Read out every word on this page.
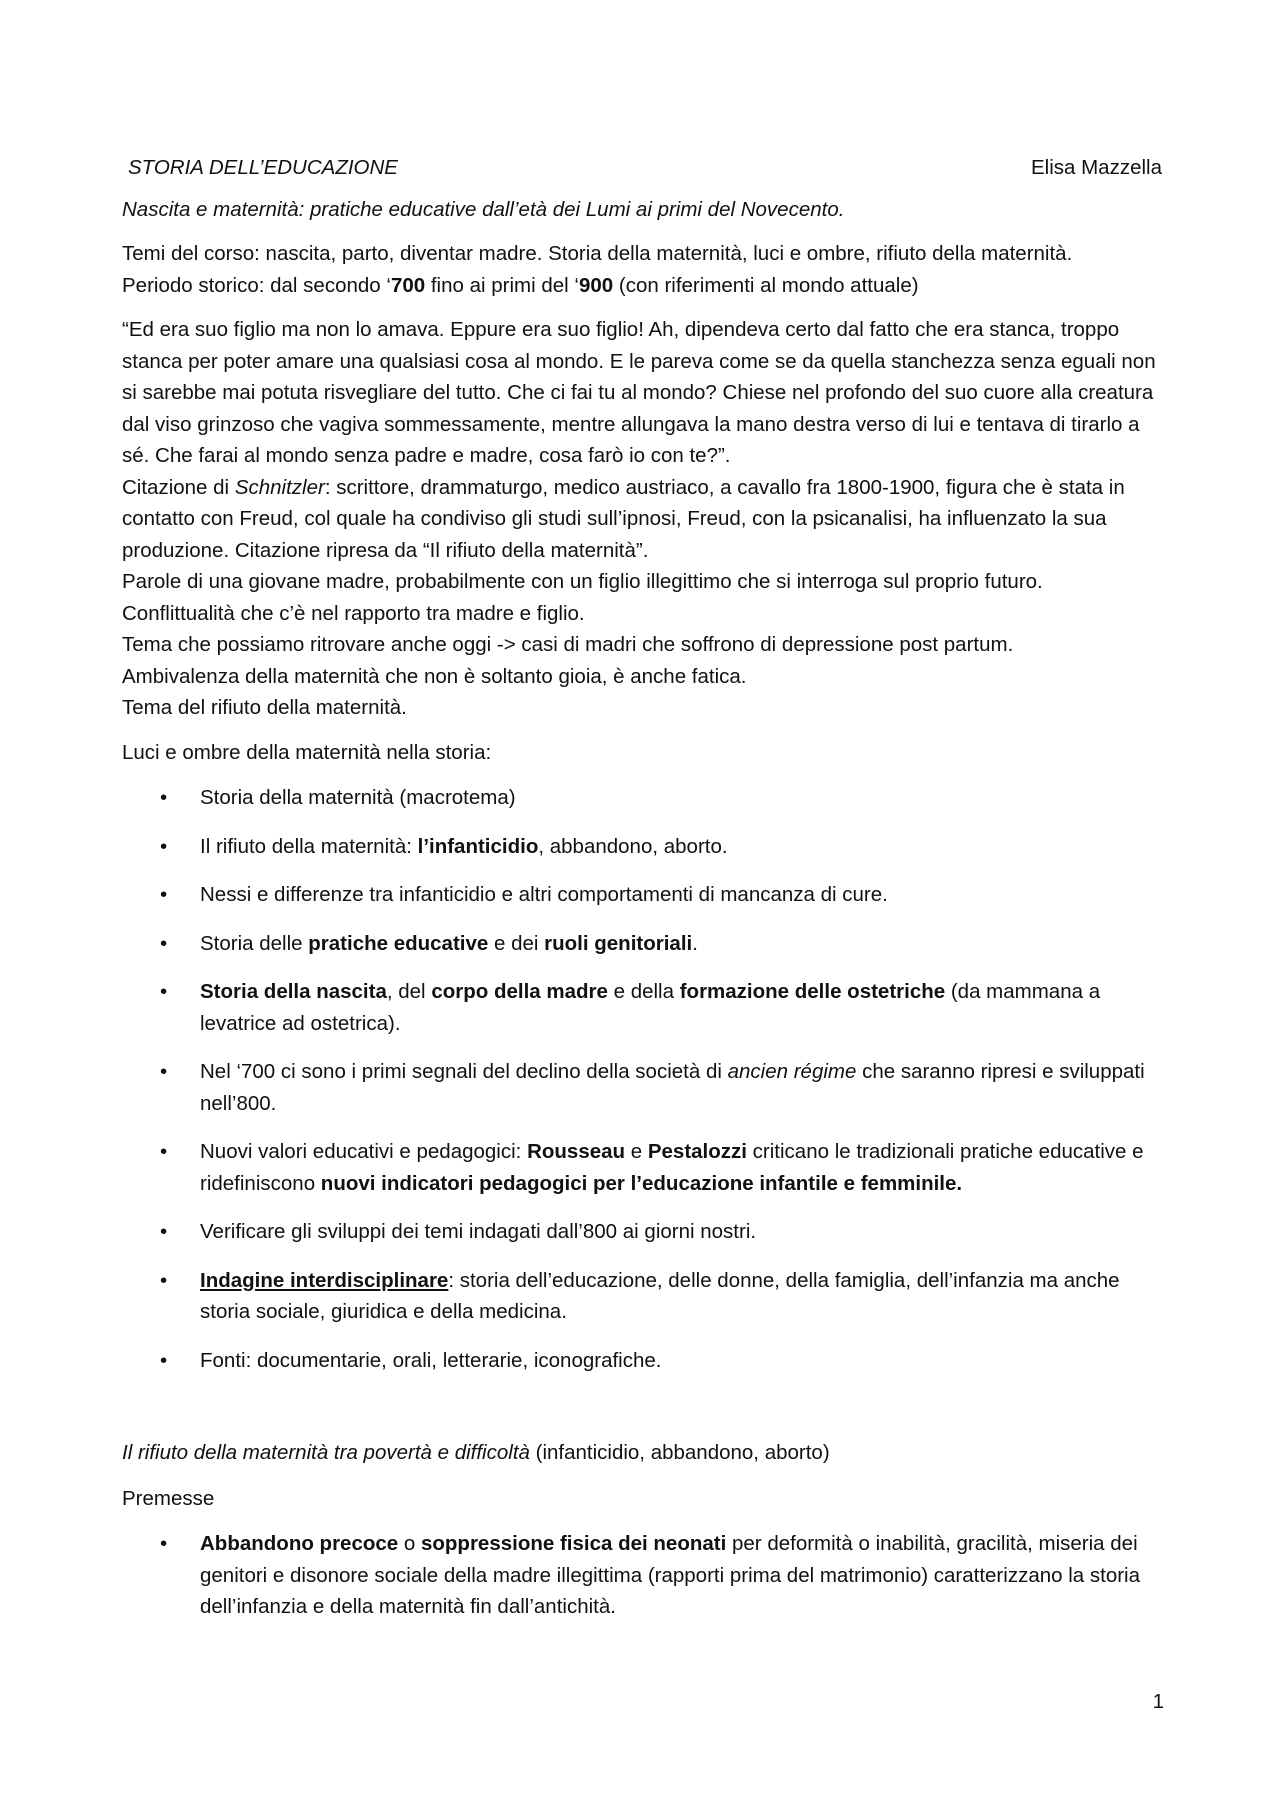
STORIA DELL’EDUCAZIONE	Elisa Mazzella

Nascita e maternità: pratiche educative dall’età dei Lumi ai primi del Novecento.

Temi del corso: nascita, parto, diventar madre. Storia della maternità, luci e ombre, rifiuto della maternità.
Periodo storico: dal secondo ‘700 fino ai primi del ‘900 (con riferimenti al mondo attuale)

“Ed era suo figlio ma non lo amava. Eppure era suo figlio! Ah, dipendeva certo dal fatto che era stanca, troppo stanca per poter amare una qualsiasi cosa al mondo. E le pareva come se da quella stanchezza senza eguali non si sarebbe mai potuta risvegliare del tutto. Che ci fai tu al mondo? Chiese nel profondo del suo cuore alla creatura dal viso grinzoso che vagiva sommessamente, mentre allungava la mano destra verso di lui e tentava di tirarlo a sé. Che farai al mondo senza padre e madre, cosa farò io con te?”.
Citazione di Schnitzler: scrittore, drammaturgo, medico austriaco, a cavallo fra 1800-1900, figura che è stata in contatto con Freud, col quale ha condiviso gli studi sull’ipnosi, Freud, con la psicanalisi, ha influenzato la sua produzione. Citazione ripresa da “Il rifiuto della maternità”.
Parole di una giovane madre, probabilmente con un figlio illegittimo che si interroga sul proprio futuro.
Conflittualità che c’è nel rapporto tra madre e figlio.
Tema che possiamo ritrovare anche oggi -> casi di madri che soffrono di depressione post partum.
Ambivalenza della maternità che non è soltanto gioia, è anche fatica.
Tema del rifiuto della maternità.

Luci e ombre della maternità nella storia:

• Storia della maternità (macrotema)
• Il rifiuto della maternità: l’infanticidio, abbandono, aborto.
• Nessi e differenze tra infanticidio e altri comportamenti di mancanza di cure.
• Storia delle pratiche educative e dei ruoli genitoriali.
• Storia della nascita, del corpo della madre e della formazione delle ostetriche (da mammana a levatrice ad ostetrica).
• Nel ‘700 ci sono i primi segnali del declino della società di ancien régime che saranno ripresi e sviluppati nell’800.
• Nuovi valori educativi e pedagogici: Rousseau e Pestalozzi criticano le tradizionali pratiche educative e ridefiniscono nuovi indicatori pedagogici per l’educazione infantile e femminile.
• Verificare gli sviluppi dei temi indagati dall’800 ai giorni nostri.
• Indagine interdisciplinare: storia dell’educazione, delle donne, della famiglia, dell’infanzia ma anche storia sociale, giuridica e della medicina.
• Fonti: documentarie, orali, letterarie, iconografiche.

Il rifiuto della maternità tra povertà e difficoltà (infanticidio, abbandono, aborto)

Premesse

• Abbandono precoce o soppressione fisica dei neonati per deformità o inabilità, gracilità, miseria dei genitori e disonore sociale della madre illegittima (rapporti prima del matrimonio) caratterizzano la storia dell’infanzia e della maternità fin dall’antichità.
1
